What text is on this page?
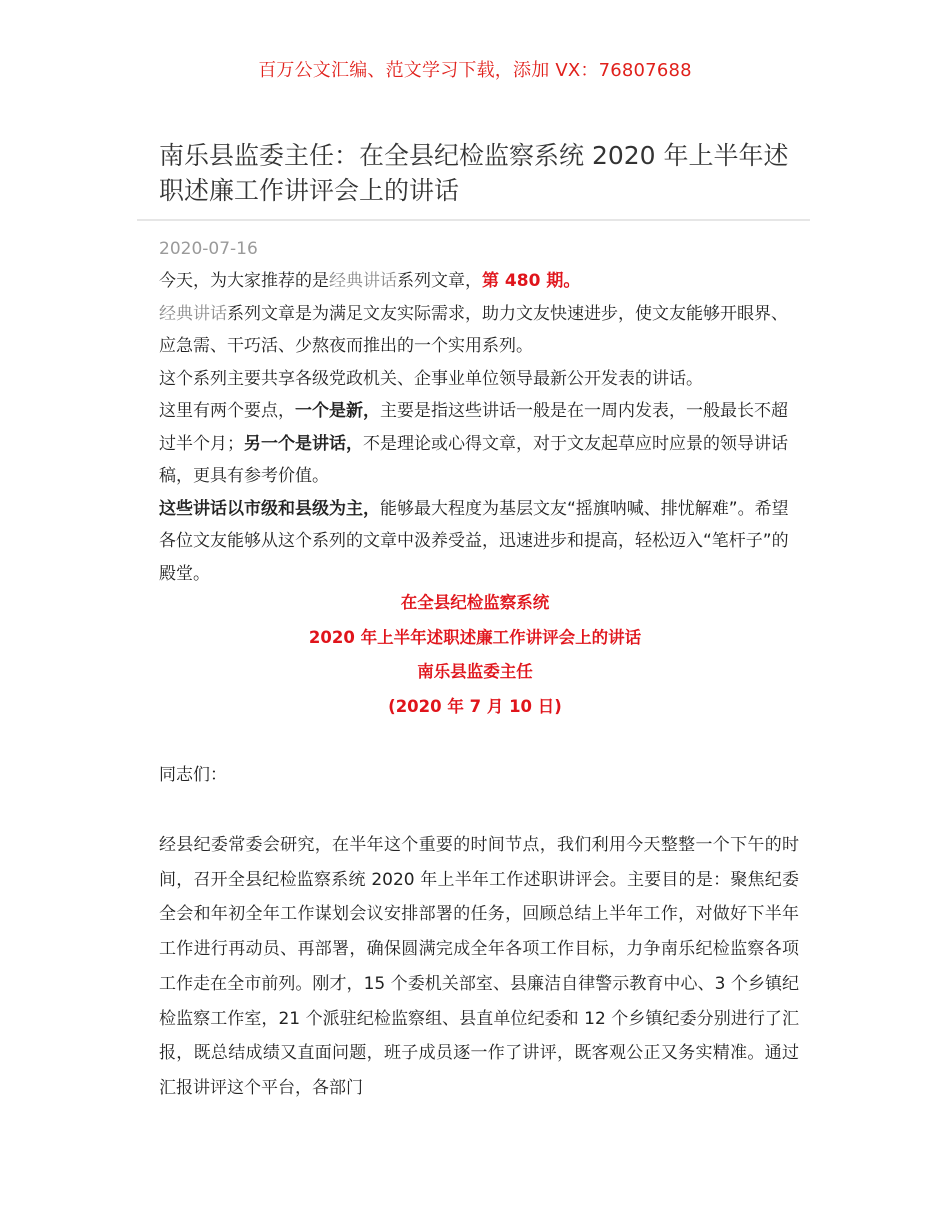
百万公文汇编、范文学习下载，添加 VX：76807688
南乐县监委主任：在全县纪检监察系统 2020 年上半年述职述廉工作讲评会上的讲话
2020-07-16

今天，为大家推荐的是经典讲话系列文章，第 480 期。

经典讲话系列文章是为满足文友实际需求，助力文友快速进步，使文友能够开眼界、应急需、干巧活、少熬夜而推出的一个实用系列。

这个系列主要共享各级党政机关、企事业单位领导最新公开发表的讲话。

这里有两个要点，一个是新，主要是指这些讲话一般是在一周内发表，一般最长不超过半个月；另一个是讲话，不是理论或心得文章，对于文友起草应时应景的领导讲话稿，更具有参考价值。

这些讲话以市级和县级为主，能够最大程度为基层文友“摇旗呐喊、排忧解难”。希望各位文友能够从这个系列的文章中汲养受益，迅速进步和提高，轻松迈入“笔杆子”的殿堂。

在全县纪检监察系统
2020 年上半年述职述廉工作讲评会上的讲话
南乐县监委主任
(2020 年 7 月 10 日)
同志们：

经县纪委常委会研究，在半年这个重要的时间节点，我们利用今天整整一个下午的时间，召开全县纪检监察系统 2020 年上半年工作述职讲评会。主要目的是：聚焦纪委全会和年初全年工作谋划会议安排部署的任务，回顾总结上半年工作，对做好下半年工作进行再动员、再部署，确保圆满完成全年各项工作目标，力争南乐纪检监察各项工作走在全市前列。刚才，15 个委机关部室、县廉洁自律警示教育中心、3 个乡镇纪检监察工作室，21 个派驻纪检监察组、县直单位纪委和 12 个乡镇纪委分别进行了汇报，既总结成绩又直面问题，班子成员逐一作了讲评，既客观公正又务实精准。通过汇报讲评这个平台，各部门
